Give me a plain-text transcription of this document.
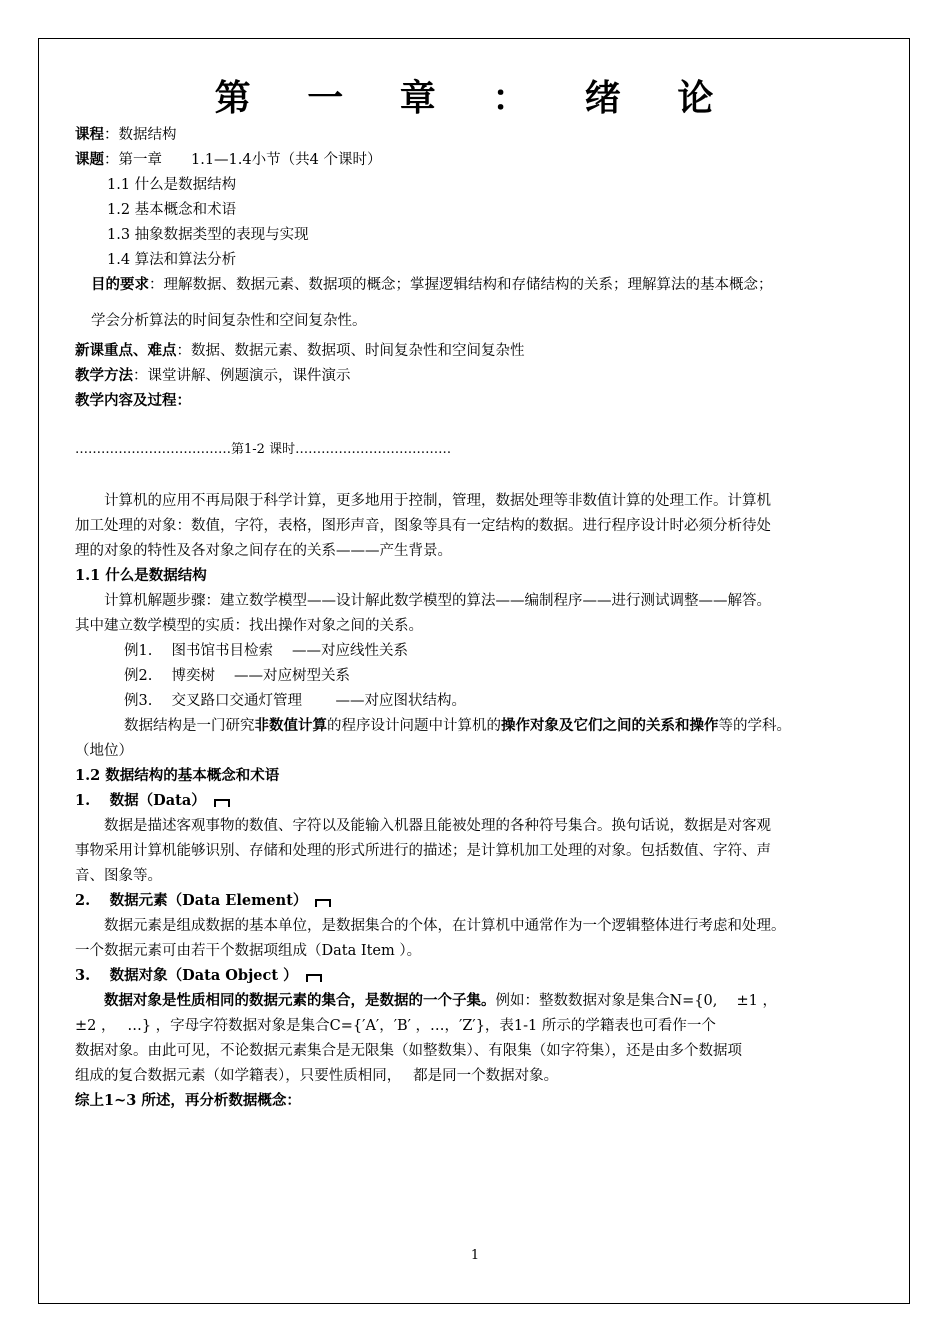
第 一 章 ： 绪 论
课程：数据结构
课题：第一章　　1.1—1.4小节（共4 个课时）
1.1 什么是数据结构
1.2 基本概念和术语
1.3 抽象数据类型的表现与实现
1.4 算法和算法分析
目的要求：理解数据、数据元素、数据项的概念；掌握逻辑结构和存储结构的关系；理解算法的基本概念；
学会分析算法的时间复杂性和空间复杂性。
新课重点、难点：数据、数据元素、数据项、时间复杂性和空间复杂性
教学方法：课堂讲解、例题演示，课件演示
教学内容及过程：
………………………………第1-2 课时………………………………
　　计算机的应用不再局限于科学计算，更多地用于控制，管理，数据处理等非数值计算的处理工作。计算机
加工处理的对象：数值，字符，表格，图形声音，图象等具有一定结构的数据。进行程序设计时必须分析待处
理的对象的特性及各对象之间存在的关系———产生背景。
1.1 什么是数据结构
　　计算机解题步骤：建立数学模型——设计解此数学模型的算法——编制程序——进行测试调整——解答。
其中建立数学模型的实质：找出操作对象之间的关系。
例1.　 图书馆书目检索　 ——对应线性关系
例2.　 博奕树　 ——对应树型关系
例3.　 交叉路口交通灯管理　　 ——对应图状结构。
数据结构是一门研究非数值计算的程序设计问题中计算机的操作对象及它们之间的关系和操作等的学科。
（地位）
1.2 数据结构的基本概念和术语
1.　 数据（Data）
　　数据是描述客观事物的数值、字符以及能输入机器且能被处理的各种符号集合。换句话说，数据是对客观
事物采用计算机能够识别、存储和处理的形式所进行的描述；是计算机加工处理的对象。包括数值、字符、声
音、图象等。
2.　 数据元素（Data Element）
　　数据元素是组成数据的基本单位，是数据集合的个体，在计算机中通常作为一个逻辑整体进行考虑和处理。
一个数据元素可由若干个数据项组成（Data Item ）。
3.　 数据对象（Data Object ）
　　数据对象是性质相同的数据元素的集合，是数据的一个子集。例如：整数数据对象是集合N={0,　 ±1 ，
±2 ，　 …} ，字母字符数据对象是集合C={′A′，′B′ ，…，′Z′}，表1-1 所示的学籍表也可看作一个
数据对象。由此可见，不论数据元素集合是无限集（如整数集）、有限集（如字符集），还是由多个数据项
组成的复合数据元素（如学籍表），只要性质相同，　 都是同一个数据对象。
综上1~3 所述，再分析数据概念：
1
